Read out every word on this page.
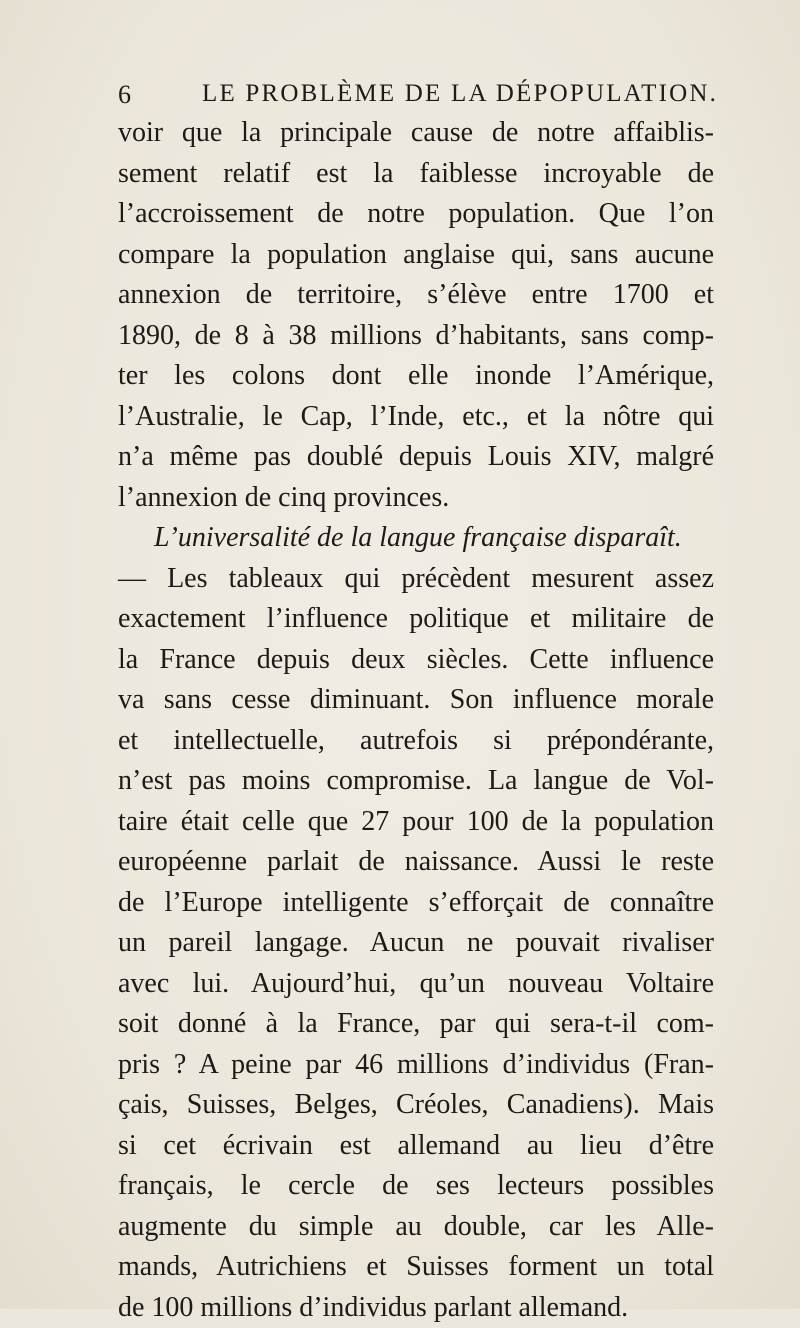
6	LE PROBLÈME DE LA DÉPOPULATION.
voir que la principale cause de notre affaiblis-
sement relatif est la faiblesse incroyable de
l’accroissement de notre population. Que l’on
compare la population anglaise qui, sans aucune
annexion de territoire, s’élève entre 1700 et
1890, de 8 à 38 millions d’habitants, sans comp-
ter les colons dont elle inonde l’Amérique,
l’Australie, le Cap, l’Inde, etc., et la nôtre qui
n’a même pas doublé depuis Louis XIV, malgré
l’annexion de cinq provinces.
L’universalité de la langue française disparaît.
— Les tableaux qui précèdent mesurent assez
exactement l’influence politique et militaire de
la France depuis deux siècles. Cette influence
va sans cesse diminuant. Son influence morale
et intellectuelle, autrefois si prépondérante,
n’est pas moins compromise. La langue de Vol-
taire était celle que 27 pour 100 de la population
européenne parlait de naissance. Aussi le reste
de l’Europe intelligente s’efforçait de connaître
un pareil langage. Aucun ne pouvait rivaliser
avec lui. Aujourd’hui, qu’un nouveau Voltaire
soit donné à la France, par qui sera-t-il com-
pris ? A peine par 46 millions d’individus (Fran-
çais, Suisses, Belges, Créoles, Canadiens). Mais
si cet écrivain est allemand au lieu d’être
français, le cercle de ses lecteurs possibles
augmente du simple au double, car les Alle-
mands, Autrichiens et Suisses forment un total
de 100 millions d’individus parlant allemand.
